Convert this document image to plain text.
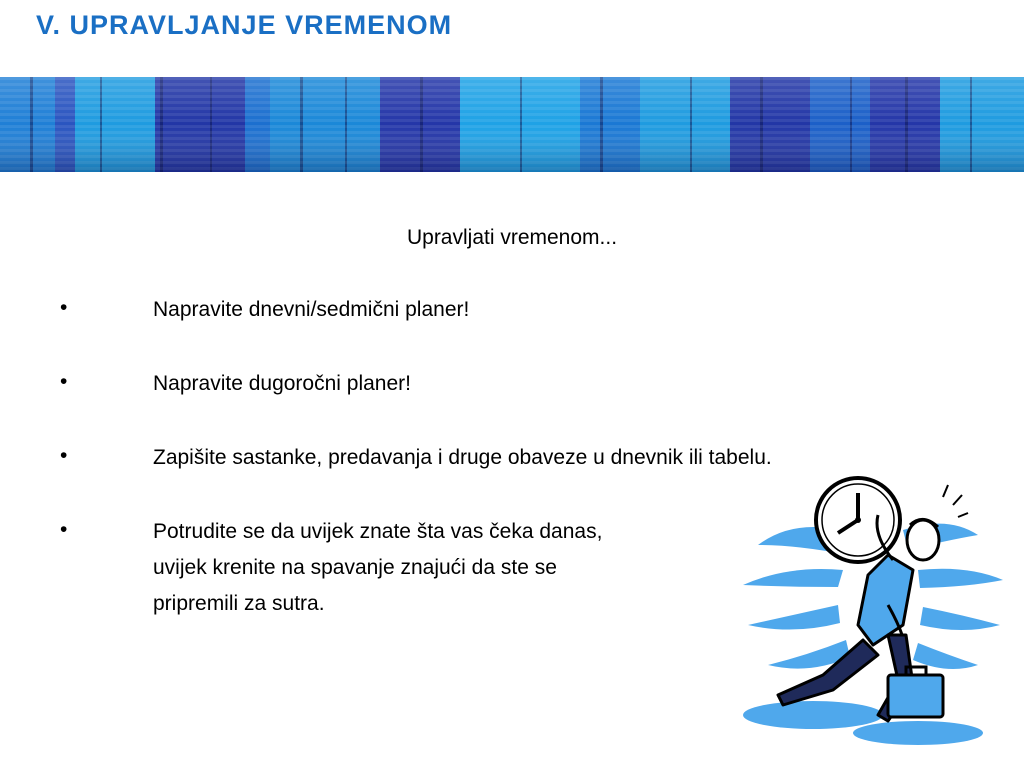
V. UPRAVLJANJE VREMENOM
Upravljati vremenom...
•	Napravite dnevni/sedmični planer!
•	Napravite dugoročni planer!
•	Zapišite sastanke, predavanja i druge obaveze u dnevnik ili tabelu.
•	Potrudite se da uvijek znate šta vas čeka danas,
uvijek krenite na spavanje znajući da ste se
pripremili za sutra.
